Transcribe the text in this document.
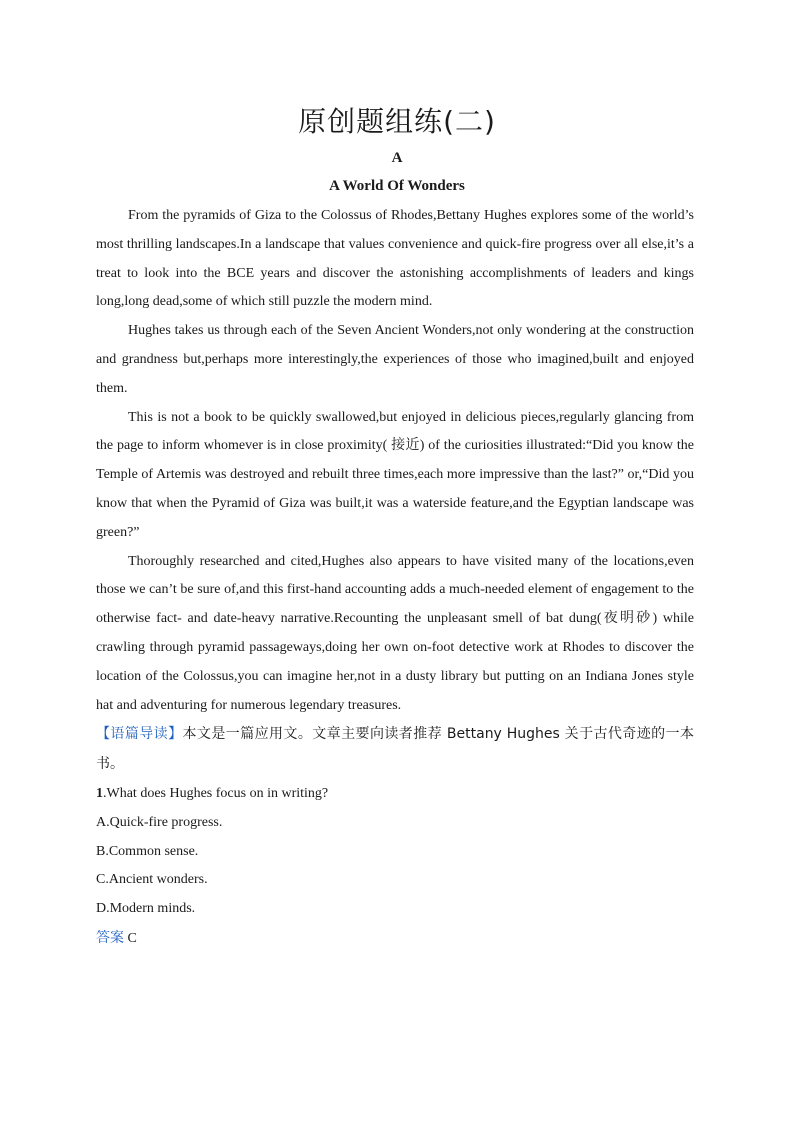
原创题组练(二)
A
A World Of Wonders

From the pyramids of Giza to the Colossus of Rhodes,Bettany Hughes explores some of the world’s most thrilling landscapes.In a landscape that values convenience and quick-fire progress over all else,it’s a treat to look into the BCE years and discover the astonishing accomplishments of leaders and kings long,long dead,some of which still puzzle the modern mind.

Hughes takes us through each of the Seven Ancient Wonders,not only wondering at the construction and grandness but,perhaps more interestingly,the experiences of those who imagined,built and enjoyed them.

This is not a book to be quickly swallowed,but enjoyed in delicious pieces,regularly glancing from the page to inform whomever is in close proximity( 接近) of the curiosities illustrated:“Did you know the Temple of Artemis was destroyed and rebuilt three times,each more impressive than the last?” or,“Did you know that when the Pyramid of Giza was built,it was a waterside feature,and the Egyptian landscape was green?”

Thoroughly researched and cited,Hughes also appears to have visited many of the locations,even those we can’t be sure of,and this first-hand accounting adds a much-needed element of engagement to the otherwise fact- and date-heavy narrative.Recounting the unpleasant smell of bat dung(夜明砂) while crawling through pyramid passageways,doing her own on-foot detective work at Rhodes to discover the location of the Colossus,you can imagine her,not in a dusty library but putting on an Indiana Jones style hat and adventuring for numerous legendary treasures.

【语篇导读】本文是一篇应用文。文章主要向读者推荐 Bettany Hughes 关于古代奇迹的一本书。

1.What does Hughes focus on in writing?

A.Quick-fire progress.

B.Common sense.

C.Ancient wonders.

D.Modern minds.

答案 C
